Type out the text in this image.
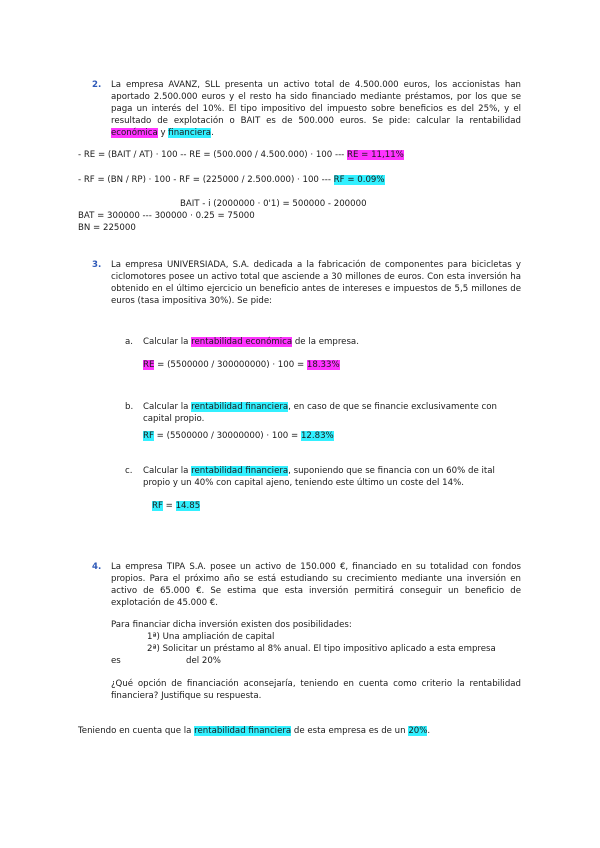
2. La empresa AVANZ, SLL presenta un activo total de 4.500.000 euros, los accionistas han aportado 2.500.000 euros y el resto ha sido financiado mediante préstamos, por los que se paga un interés del 10%. El tipo impositivo del impuesto sobre beneficios es del 25%, y el resultado de explotación o BAIT es de 500.000 euros. Se pide: calcular la rentabilidad económica y financiera.

- RE = (BAIT / AT) · 100 -- RE = (500.000 / 4.500.000) · 100 --- RE = 11,11%

- RF = (BN / RP) · 100 - RF = (225000 / 2.500.000) · 100 --- RF = 0.09%

BAIT - i (2000000 · 0'1) = 500000 - 200000

BAT = 300000 --- 300000 · 0.25 = 75000

BN = 225000

3. La empresa UNIVERSIADA, S.A. dedicada a la fabricación de componentes para bicicletas y ciclomotores posee un activo total que asciende a 30 millones de euros. Con esta inversión ha obtenido en el último ejercicio un beneficio antes de intereses e impuestos de 5,5 millones de euros (tasa impositiva 30%). Se pide:

a. Calcular la rentabilidad económica de la empresa.

RE = (5500000 / 300000000) · 100 = 18.33%

b. Calcular la rentabilidad financiera, en caso de que se financie exclusivamente con capital propio.

RF = (5500000 / 30000000) · 100 = 12.83%

c. Calcular la rentabilidad financiera, suponiendo que se financia con un 60% de ital propio y un 40% con capital ajeno, teniendo este último un coste del 14%.

RF = 14.85

4. La empresa TIPA S.A. posee un activo de 150.000 €, financiado en su totalidad con fondos propios. Para el próximo año se está estudiando su crecimiento mediante una inversión en activo de 65.000 €. Se estima que esta inversión permitirá conseguir un beneficio de explotación de 45.000 €.

Para financiar dicha inversión existen dos posibilidades:

1ª) Una ampliación de capital

2ª) Solicitar un préstamo al 8% anual. El tipo impositivo aplicado a esta empresa

es	del 20%

¿Qué opción de financiación aconsejaría, teniendo en cuenta como criterio la rentabilidad financiera? Justifique su respuesta.

Teniendo en cuenta que la rentabilidad financiera de esta empresa es de un 20%.
